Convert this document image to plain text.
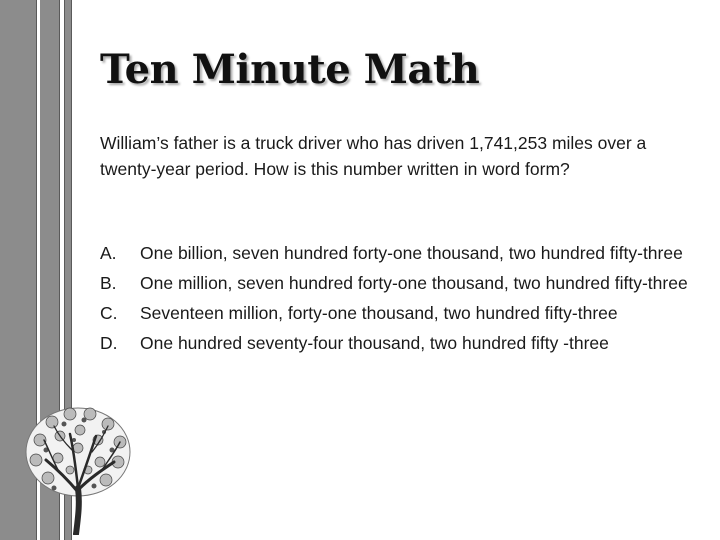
Ten Minute Math

William’s father is a truck driver who has driven 1,741,253 miles over a twenty-year period. How is this number written in word form?

A.	One billion, seven hundred forty-one thousand, two hundred fifty-three
B.	One million, seven hundred forty-one thousand, two hundred fifty-three
C.	Seventeen million, forty-one thousand, two hundred fifty-three
D.	One hundred seventy-four thousand, two hundred fifty -three
